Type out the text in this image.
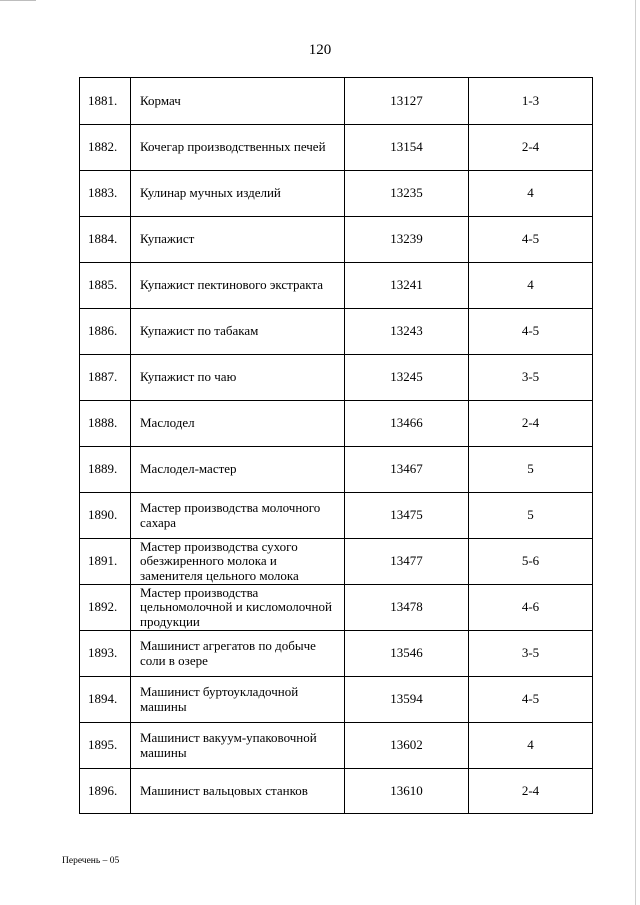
120
1881.	Кормач	13127	1-3
1882.	Кочегар производственных печей	13154	2-4
1883.	Кулинар мучных изделий	13235	4
1884.	Купажист	13239	4-5
1885.	Купажист пектинового экстракта	13241	4
1886.	Купажист по табакам	13243	4-5
1887.	Купажист по чаю	13245	3-5
1888.	Маслодел	13466	2-4
1889.	Маслодел-мастер	13467	5
1890.	Мастер производства молочного сахара	13475	5
1891.	Мастер производства сухого обезжиренного молока и заменителя цельного молока	13477	5-6
1892.	Мастер производства цельномолочной и кисломолочной продукции	13478	4-6
1893.	Машинист агрегатов по добыче соли в озере	13546	3-5
1894.	Машинист буртоукладочной машины	13594	4-5
1895.	Машинист вакуум-упаковочной машины	13602	4
1896.	Машинист вальцовых станков	13610	2-4
Перечень – 05
